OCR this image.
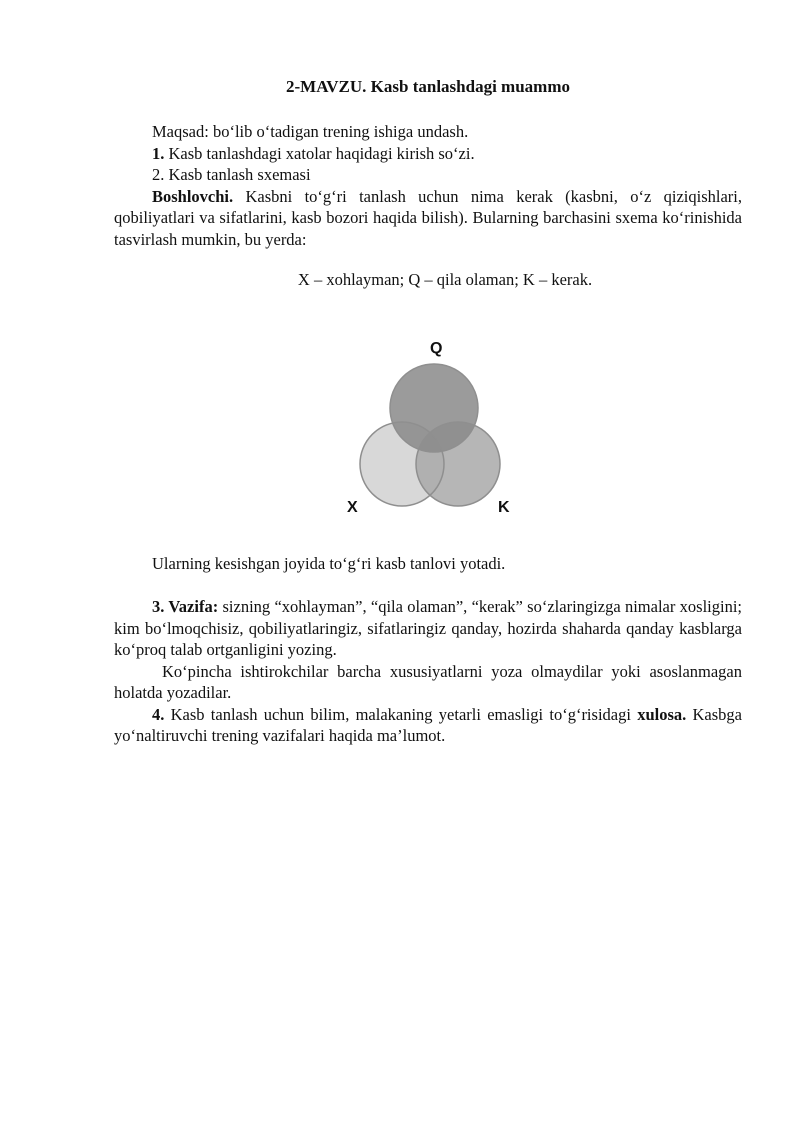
2-MAVZU. Kasb tanlashdagi muammo

Maqsad: bo‘lib o‘tadigan trening ishiga undash.

1. Kasb tanlashdagi xatolar haqidagi kirish so‘zi.

2. Kasb tanlash sxemasi

Boshlovchi. Kasbni to‘g‘ri tanlash uchun nima kerak (kasbni, o‘z qiziqishlari, qobiliyatlari va sifatlarini, kasb bozori haqida bilish). Bularning barchasini sxema ko‘rinishida tasvirlash mumkin, bu yerda:

X – xohlayman; Q – qila olaman; K – kerak.
Q
X	K

Ularning kesishgan joyida to‘g‘ri kasb tanlovi yotadi.

3. Vazifa: sizning “xohlayman”, “qila olaman”, “kerak” so‘zlaringizga nimalar xosligini; kim bo‘lmoqchisiz, qobiliyatlaringiz, sifatlaringiz qanday, hozirda shaharda qanday kasblarga ko‘proq talab ortganligini yozing.

Ko‘pincha ishtirokchilar barcha xususiyatlarni yoza olmaydilar yoki asoslanmagan holatda yozadilar.

4. Kasb tanlash uchun bilim, malakaning yetarli emasligi to‘g‘risidagi xulosa. Kasbga yo‘naltiruvchi trening vazifalari haqida ma’lumot.
